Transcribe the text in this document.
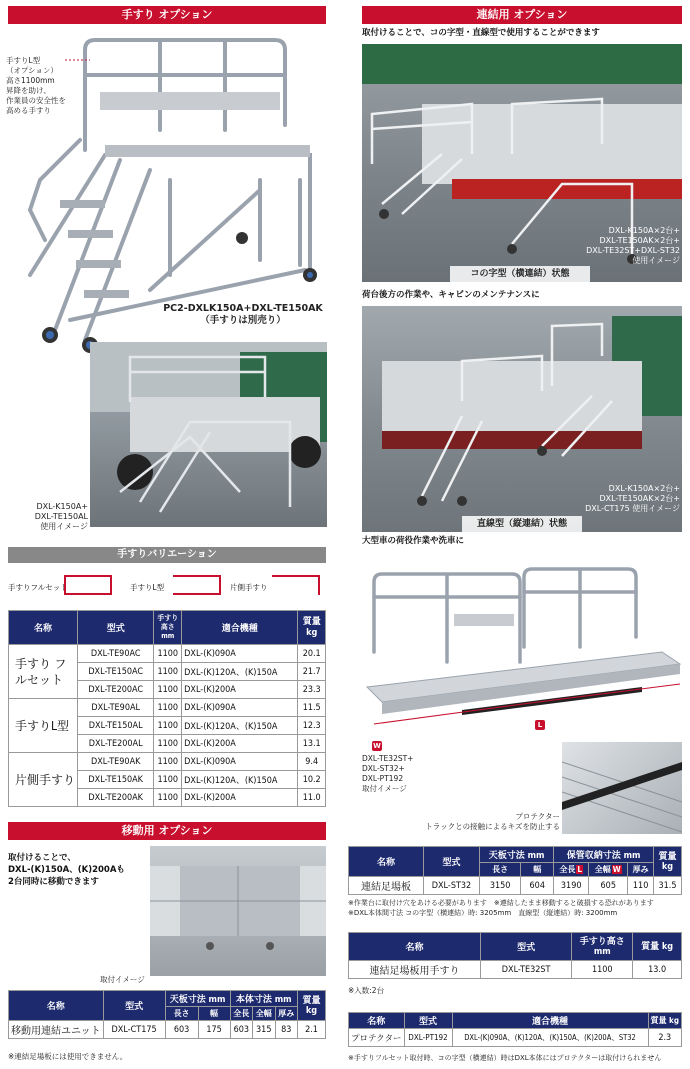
手すり オプション
手すりL型
（オプション）
高さ1100mm
昇降を助け、
作業員の安全性を
高める手すり
PC2-DXLK150A+DXL-TE150AK
（手すりは別売り）
DXL-K150A+
DXL-TE150AL
使用イメージ
手すりバリエーション
手すりフルセット	手すりL型	片側手すり
名称	型式	手すり高さ mm	適合機種	質量 kg
手すり フルセット	DXL-TE90AC	1100	DXL-(K)090A	20.1
	DXL-TE150AC	1100	DXL-(K)120A、(K)150A	21.7
	DXL-TE200AC	1100	DXL-(K)200A	23.3
手すりL型	DXL-TE90AL	1100	DXL-(K)090A	11.5
	DXL-TE150AL	1100	DXL-(K)120A、(K)150A	12.3
	DXL-TE200AL	1100	DXL-(K)200A	13.1
片側手すり	DXL-TE90AK	1100	DXL-(K)090A	9.4
	DXL-TE150AK	1100	DXL-(K)120A、(K)150A	10.2
	DXL-TE200AK	1100	DXL-(K)200A	11.0
移動用 オプション
取付けることで、
DXL-(K)150A、(K)200Aも
2台同時に移動できます
取付イメージ
名称	型式	天板寸法 mm		本体寸法 mm			質量 kg
		長さ	幅	全長	全幅	厚み	
移動用連結ユニット	DXL-CT175	603	175	603	315	83	2.1
※連結足場板には使用できません。
連結用 オプション
取付けることで、コの字型・直線型で使用することができます
DXL-K150A×2台+
DXL-TE150AK×2台+
DXL-TE32ST+DXL-ST32
使用イメージ
コの字型（横連結）状態
荷台後方の作業や、キャビンのメンテナンスに
DXL-K150A×2台+
DXL-TE150AK×2台+
DXL-CT175 使用イメージ
直線型（縦連結）状態
大型車の荷役作業や洗車に
W
L
DXL-TE32ST+
DXL-ST32+
DXL-PT192
取付イメージ
プロテクター
トラックとの接触によるキズを防止する
名称	型式	天板寸法 mm		保管収納寸法 mm			質量 kg
		長さ	幅	全長 L	全幅 W	厚み	
連結足場板	DXL-ST32	3150	604	3190	605	110	31.5
※作業台に取付け穴をあける必要があります　※連結したまま移動すると破損する恐れがあります
※DXL本体間寸法 コの字型（横連結）時: 3205mm　直線型（縦連結）時: 3200mm
名称	型式	手すり高さ mm	質量 kg
連結足場板用手すり	DXL-TE32ST	1100	13.0
※入数:2台
名称	型式	適合機種	質量 kg
プロテクター	DXL-PT192	DXL-(K)090A、(K)120A、(K)150A、(K)200A、ST32	2.3
※手すりフルセット取付時、コの字型（横連結）時はDXL本体にはプロテクターは取付けられません
